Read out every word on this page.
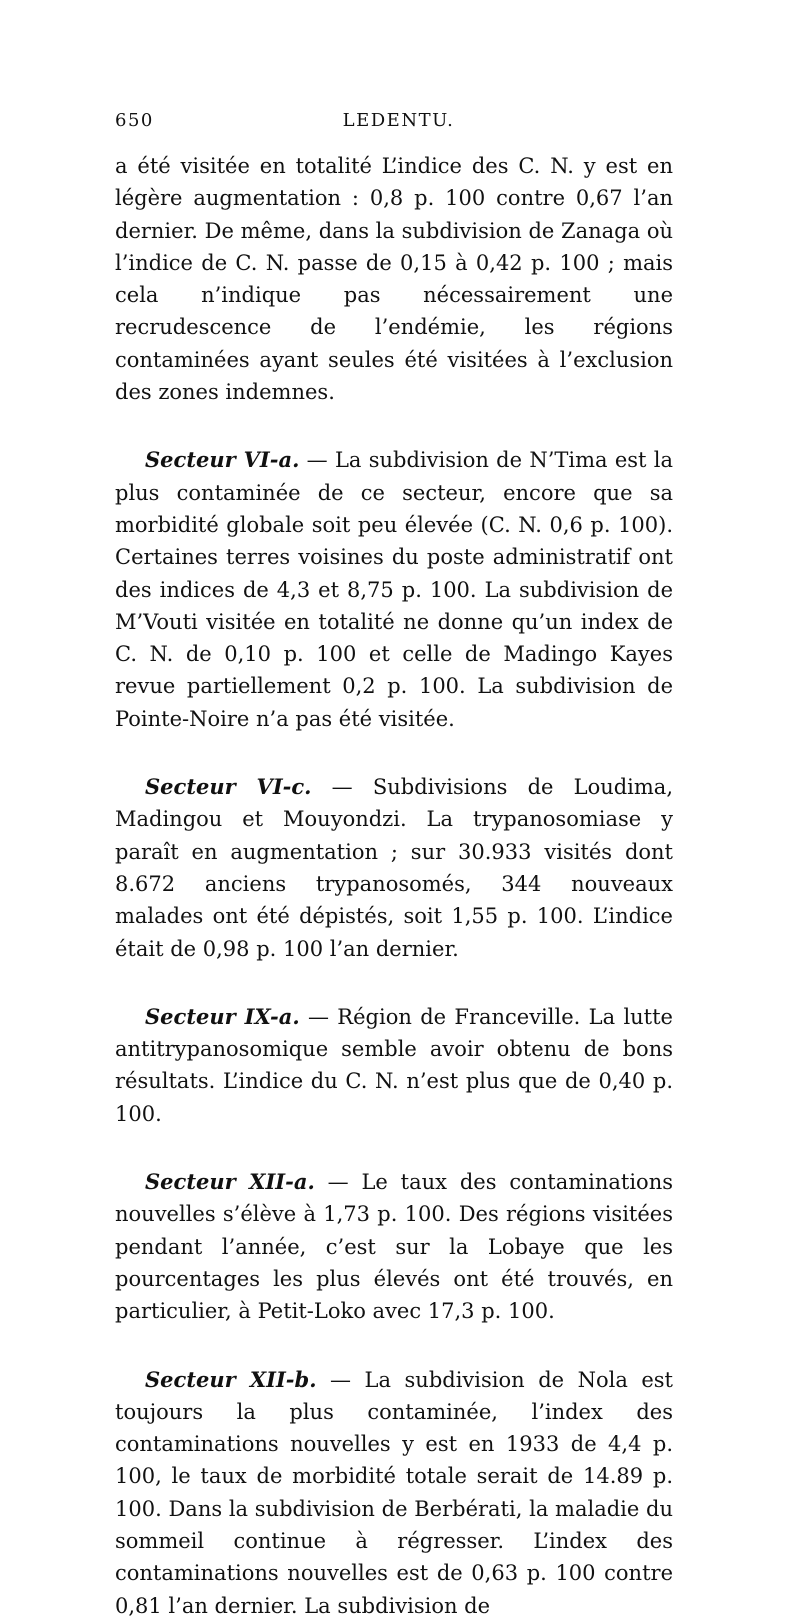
650	LEDENTU.

a été visitée en totalité L’indice des C. N. y est en légère augmentation : 0,8 p. 100 contre 0,67 l’an dernier. De même, dans la subdivision de Zanaga où l’indice de C. N. passe de 0,15 à 0,42 p. 100 ; mais cela n’indique pas nécessairement une recrudescence de l’endémie, les régions contaminées ayant seules été visitées à l’exclusion des zones indemnes.

Secteur VI-a. — La subdivision de N’Tima est la plus contaminée de ce secteur, encore que sa morbidité globale soit peu élevée (C. N. 0,6 p. 100). Certaines terres voisines du poste administratif ont des indices de 4,3 et 8,75 p. 100. La subdivision de M’Vouti visitée en totalité ne donne qu’un index de C. N. de 0,10 p. 100 et celle de Madingo Kayes revue partiellement 0,2 p. 100. La subdivision de Pointe-Noire n’a pas été visitée.

Secteur VI-c. — Subdivisions de Loudima, Madingou et Mouyondzi. La trypanosomiase y paraît en augmentation ; sur 30.933 visités dont 8.672 anciens trypanosomés, 344 nouveaux malades ont été dépistés, soit 1,55 p. 100. L’indice était de 0,98 p. 100 l’an dernier.

Secteur IX-a. — Région de Franceville. La lutte antitrypanosomique semble avoir obtenu de bons résultats. L’indice du C. N. n’est plus que de 0,40 p. 100.

Secteur XII-a. — Le taux des contaminations nouvelles s’élève à 1,73 p. 100. Des régions visitées pendant l’année, c’est sur la Lobaye que les pourcentages les plus élevés ont été trouvés, en particulier, à Petit-Loko avec 17,3 p. 100.

Secteur XII-b. — La subdivision de Nola est toujours la plus contaminée, l’index des contaminations nouvelles y est en 1933 de 4,4 p. 100, le taux de morbidité totale serait de 14.89 p. 100. Dans la subdivision de Berbérati, la maladie du sommeil continue à régresser. L’index des contaminations nouvelles est de 0,63 p. 100 contre 0,81 l’an dernier. La subdivision de
